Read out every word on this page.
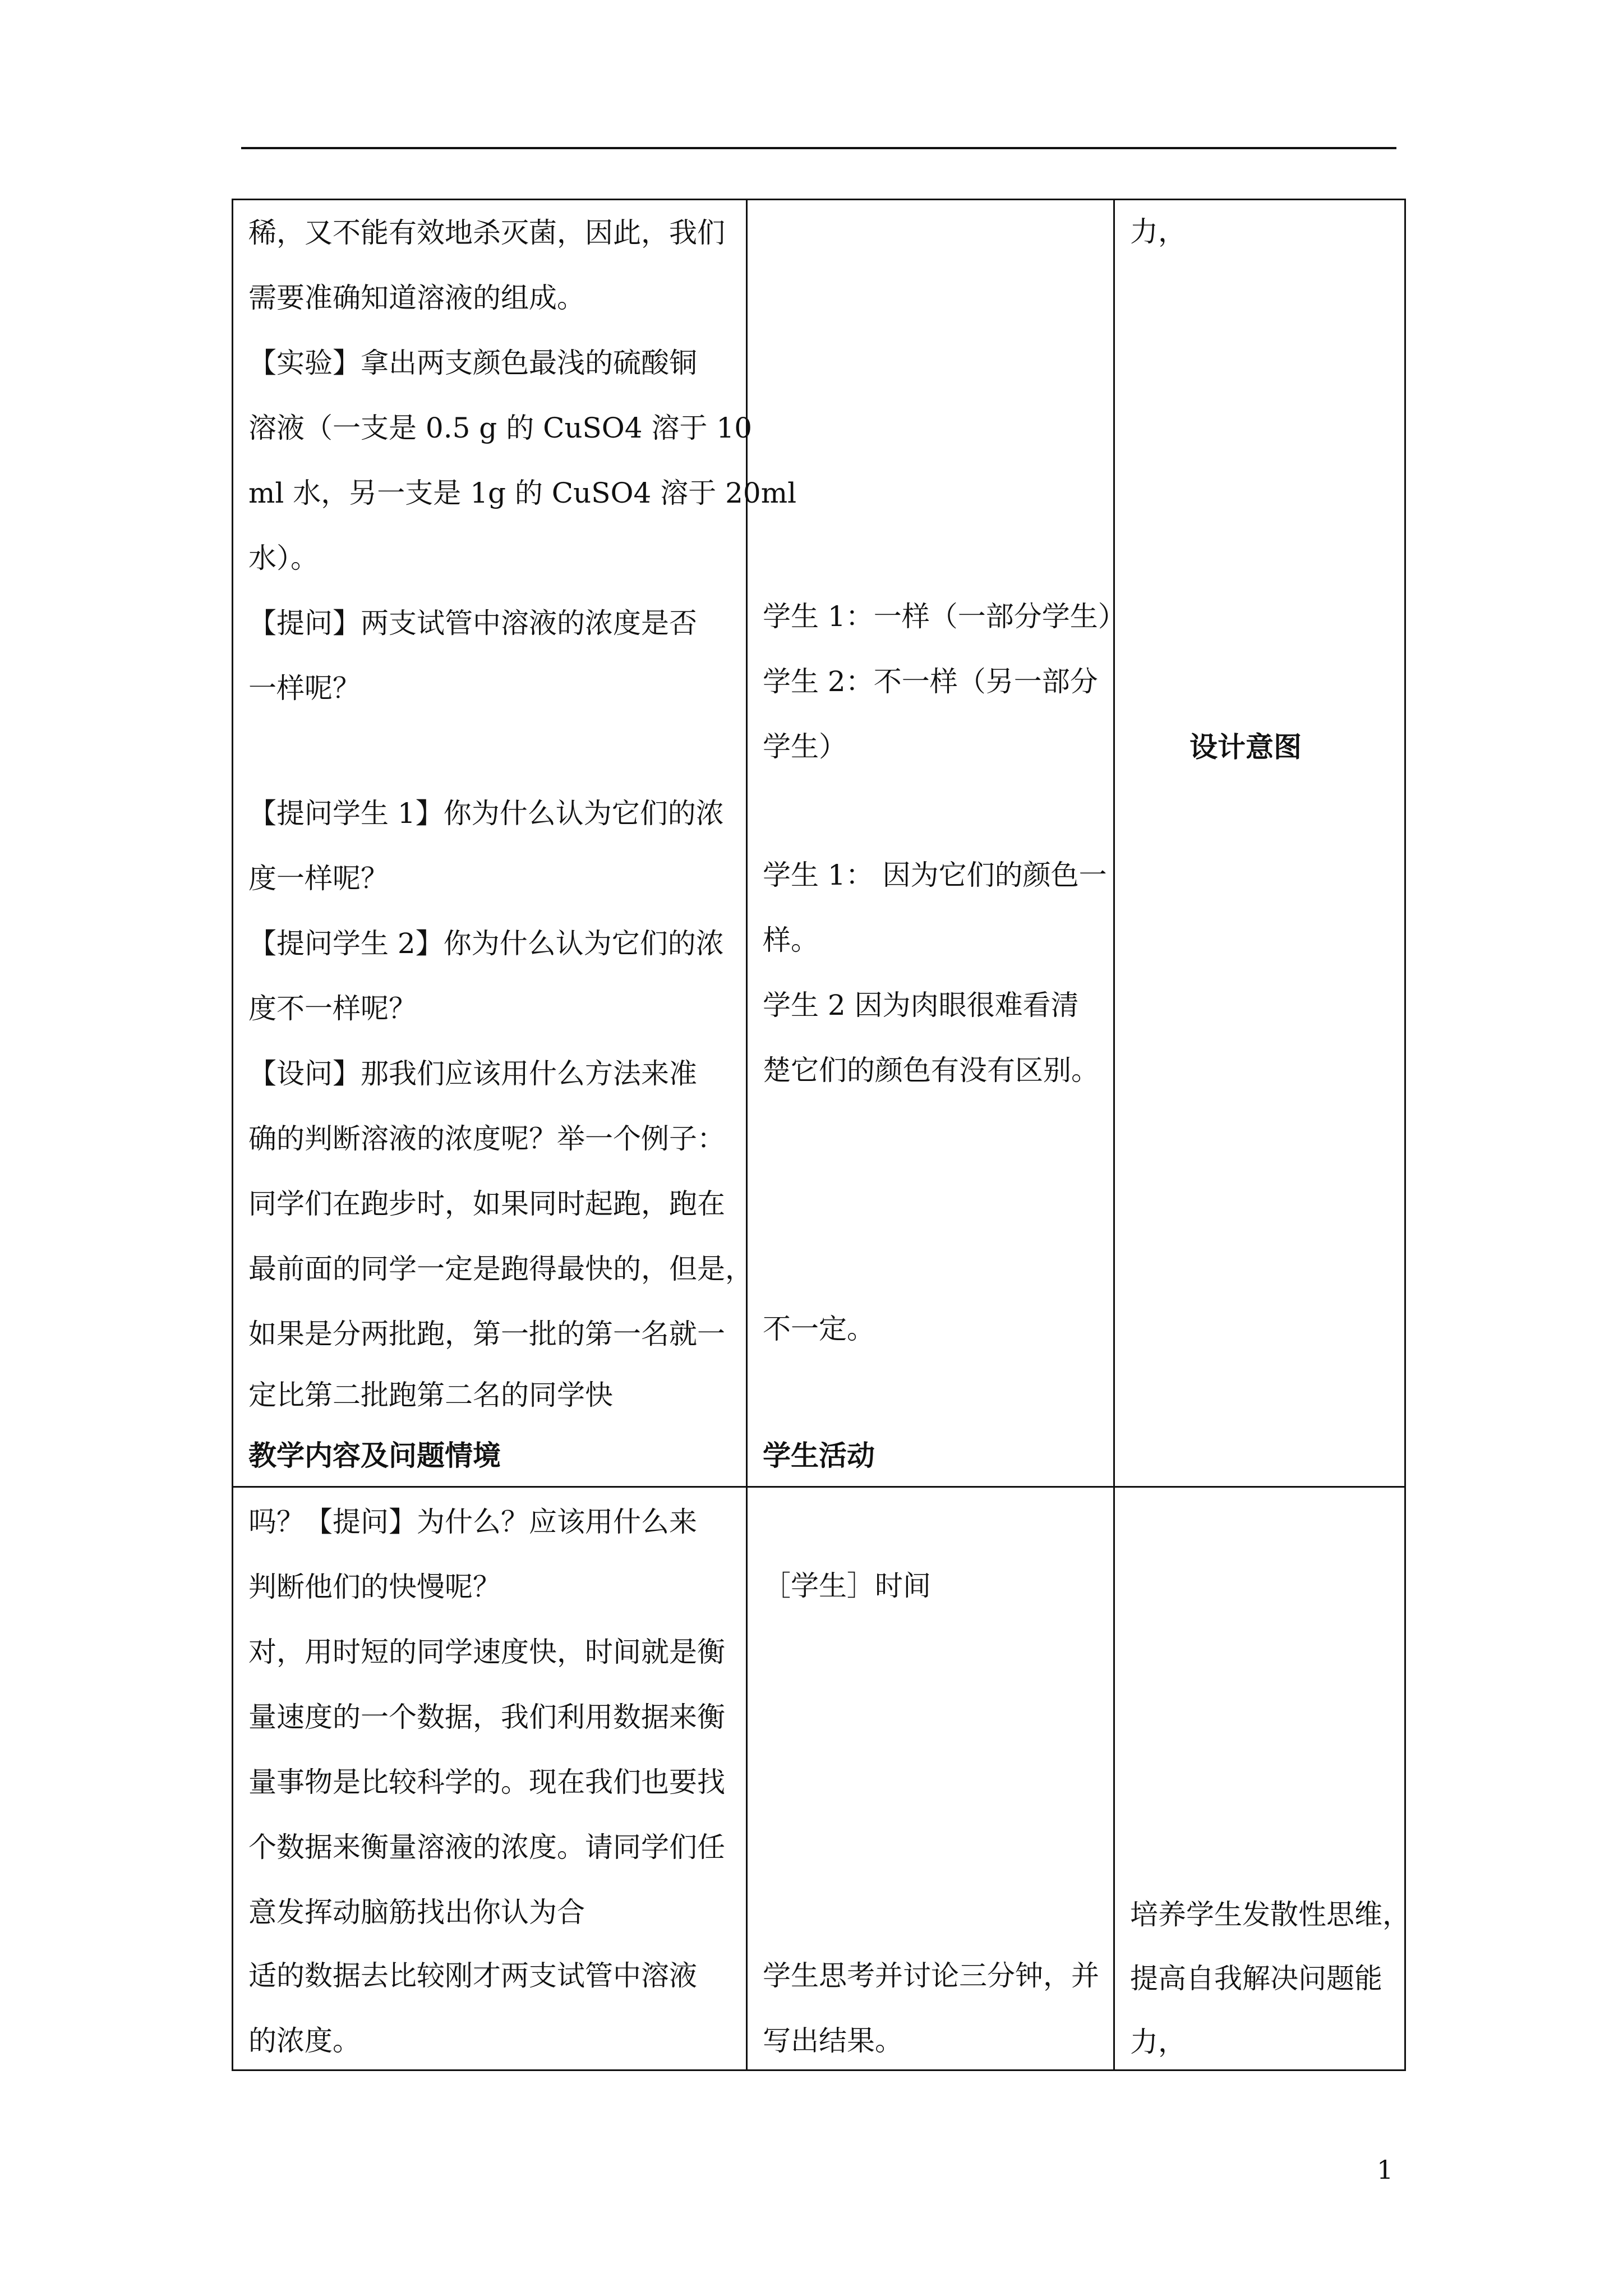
稀，又不能有效地杀灭菌，因此，我们
需要准确知道溶液的组成。
【实验】拿出两支颜色最浅的硫酸铜
溶液（一支是 0.5 g 的 CuSO4 溶于 10
ml 水，另一支是 1g 的 CuSO4 溶于 20ml
水）。
【提问】两支试管中溶液的浓度是否
一样呢？
【提问学生 1】你为什么认为它们的浓
度一样呢？
【提问学生 2】你为什么认为它们的浓
度不一样呢？
【设问】那我们应该用什么方法来准
确的判断溶液的浓度呢？举一个例子：
同学们在跑步时，如果同时起跑，跑在
最前面的同学一定是跑得最快的，但是，
如果是分两批跑，第一批的第一名就一
定比第二批跑第二名的同学快
教学内容及问题情境
学生 1：一样（一部分学生）
学生 2：不一样（另一部分
学生）
学生 1： 因为它们的颜色一
样。
学生 2 因为肉眼很难看清
楚它们的颜色有没有区别。
不一定。
学生活动
力，
设计意图
吗？【提问】为什么？应该用什么来
判断他们的快慢呢？
对，用时短的同学速度快，时间就是衡
量速度的一个数据，我们利用数据来衡
量事物是比较科学的。现在我们也要找
个数据来衡量溶液的浓度。请同学们任
意发挥动脑筋找出你认为合
适的数据去比较刚才两支试管中溶液
的浓度。
［学生］时间
学生思考并讨论三分钟，并
写出结果。
培养学生发散性思维，
提高自我解决问题能
力，
1
